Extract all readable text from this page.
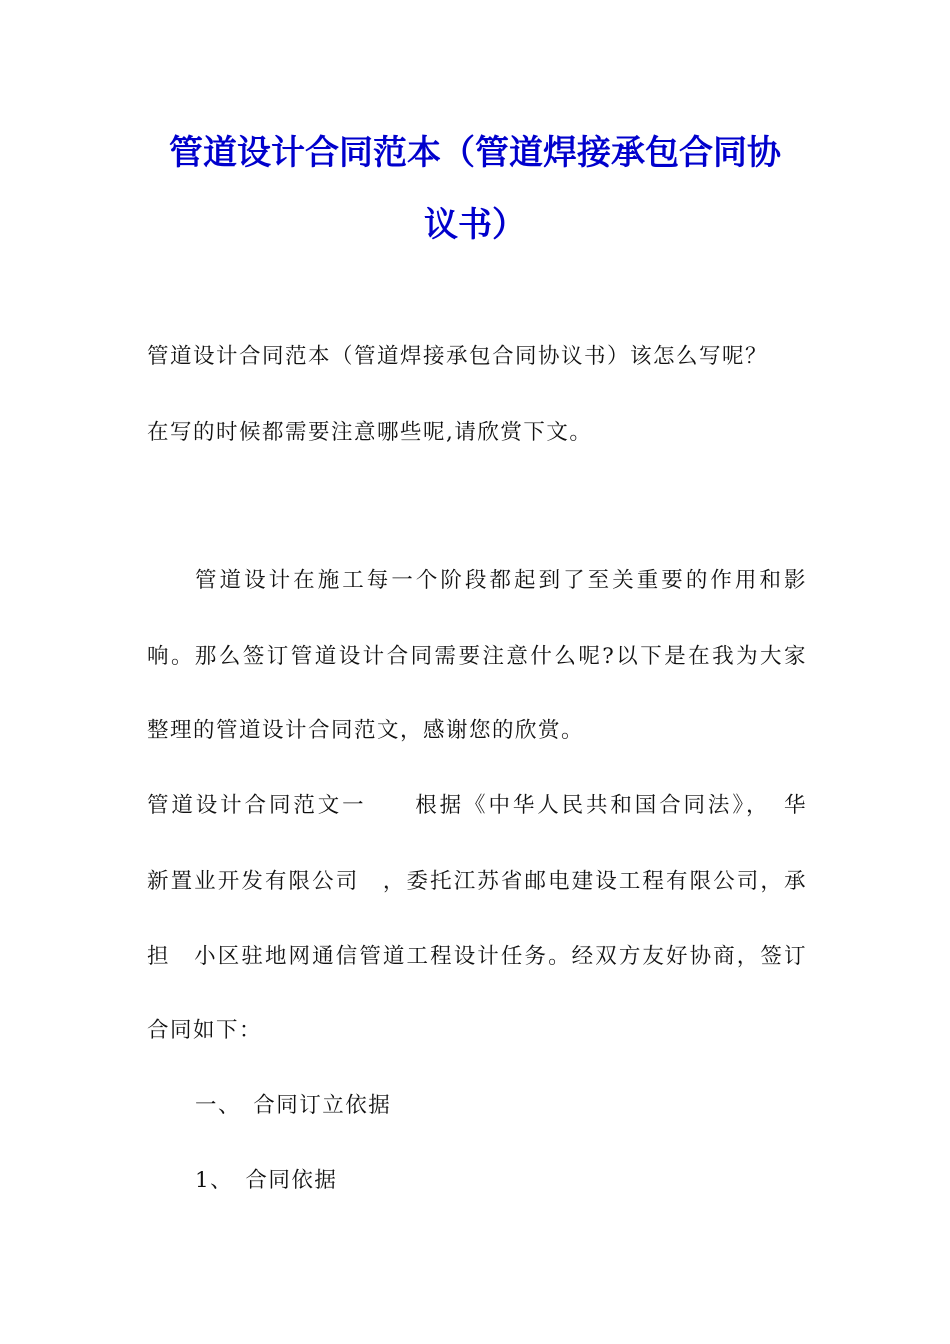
管道设计合同范本（管道焊接承包合同协
议书）
管道设计合同范本（管道焊接承包合同协议书）该怎么写呢？
在写的时候都需要注意哪些呢,请欣赏下文。
管道设计在施工每一个阶段都起到了至关重要的作用和影
响。那么签订管道设计合同需要注意什么呢?以下是在我为大家
整理的管道设计合同范文，感谢您的欣赏。
管道设计合同范文一　　根据《中华人民共和国合同法》，　华
新置业开发有限公司　，委托江苏省邮电建设工程有限公司，承
担　小区驻地网通信管道工程设计任务。经双方友好协商，签订
合同如下：
一、　合同订立依据
1、　合同依据
